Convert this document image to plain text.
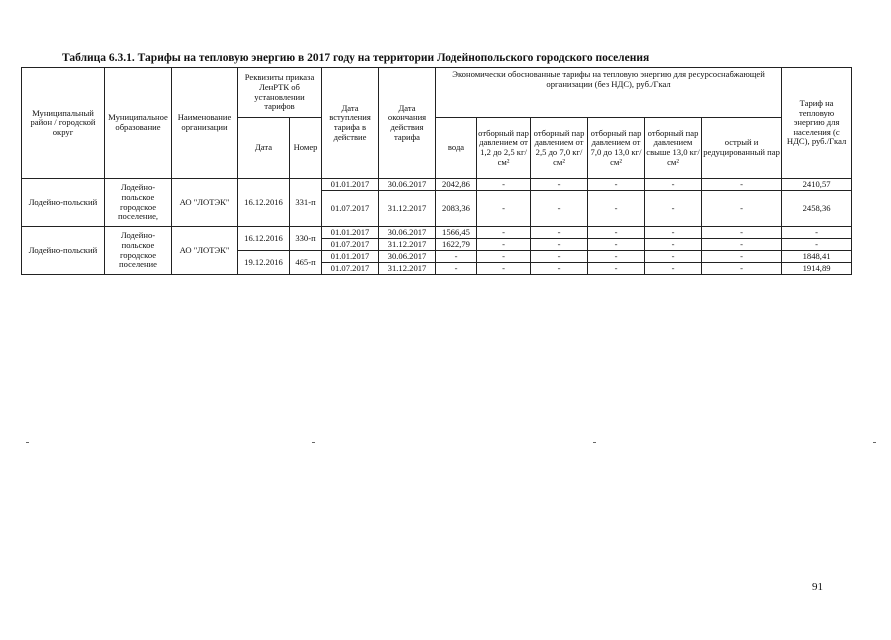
Таблица 6.3.1. Тарифы на тепловую энергию в 2017 году на территории Лодейнопольского городского поселения
Муниципальный район / городской округ	Муниципальное образование	Наименование организации	Реквизиты приказа ЛенРТК об установлении тарифов		Дата вступления тарифа в действие	Дата окончания действия тарифа	Экономически обоснованные тарифы на тепловую энергию для ресурсоснабжающей организации (без НДС), руб./Гкал						Тариф на тепловую энергию для населения (с НДС), руб./Гкал
			Дата	Номер			вода	отборный пар давлением от 1,2 до 2,5 кг/см²	отборный пар давлением от 2,5 до 7,0 кг/см²	отборный пар давлением от 7,0 до 13,0 кг/см²	отборный пар давлением свыше 13,0 кг/см²	острый и редуцированный пар	
Лодейно-польский	Лодейно-польское городское поселение,	АО "ЛОТЭК"	16.12.2016	331-п	01.01.2017	30.06.2017	2042,86	-	-	-	-	-	2410,57
					01.07.2017	31.12.2017	2083,36	-	-	-	-	-	2458,36
Лодейно-польский	Лодейно-польское городское поселение	АО "ЛОТЭК"	16.12.2016	330-п	01.01.2017	30.06.2017	1566,45	-	-	-	-	-	-
					01.07.2017	31.12.2017	1622,79	-	-	-	-	-	-
			19.12.2016	465-п	01.01.2017	30.06.2017	-	-	-	-	-	-	1848,41
					01.07.2017	31.12.2017	-	-	-	-	-	-	1914,89
91
